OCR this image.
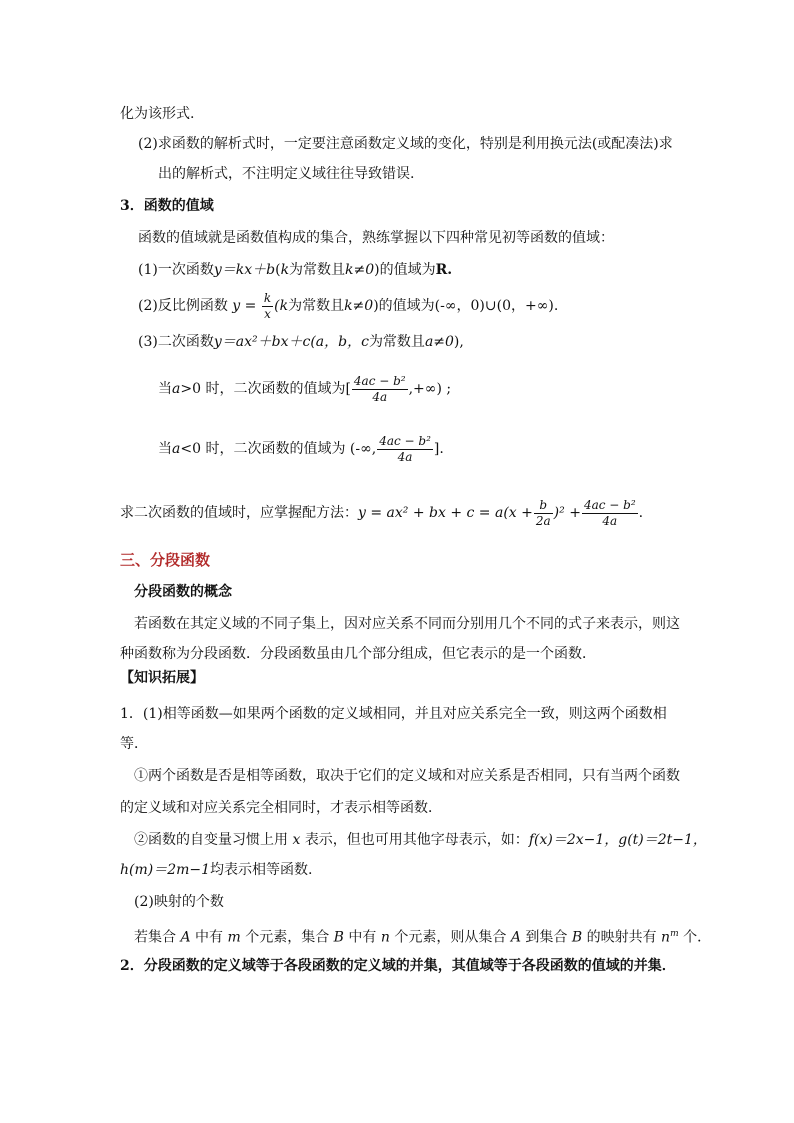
化为该形式.
(2)求函数的解析式时，一定要注意函数定义域的变化，特别是利用换元法(或配凑法)求
出的解析式，不注明定义域往往导致错误.
3．函数的值域
函数的值域就是函数值构成的集合，熟练掌握以下四种常见初等函数的值域：
(1)一次函数y＝kx＋b(k为常数且k≠0)的值域为R.
(2)反比例函数 $y = \frac{k}{x} (k$为常数且k≠0)的值域为(-∞，0)∪(0，+∞).
(3)二次函数y＝ax²＋bx＋c(a，b，c为常数且a≠0),
当a>0 时，二次函数的值域为[ $\frac{\text{4ac − b²}}{4a}$ ,+∞) ;
当a<0 时，二次函数的值域为 (-∞, $\frac{\text{4ac − b²}}{4a}$ ].
求二次函数的值域时，应掌握配方法：y = ax² + bx + $c = a(x + \frac{b}{2a} )^2 + \frac{\text{4ac − b²}}{4a}$ .
三、分段函数
分段函数的概念
若函数在其定义域的不同子集上，因对应关系不同而分别用几个不同的式子来表示，则这
种函数称为分段函数．分段函数虽由几个部分组成，但它表示的是一个函数．
【知识拓展】
1．(1)相等函数—如果两个函数的定义域相同，并且对应关系完全一致，则这两个函数相
等．
①两个函数是否是相等函数，取决于它们的定义域和对应关系是否相同，只有当两个函数
的定义域和对应关系完全相同时，才表示相等函数．
②函数的自变量习惯上用 x 表示，但也可用其他字母表示，如：f(x)＝2x−1，g(t)＝2t−1，
h(m)＝2m−1均表示相等函数.
(2)映射的个数
若集合 A 中有 m 个元素，集合 B 中有 n 个元素，则从集合 A 到集合 B 的映射共有 $n^m$ 个．
2．分段函数的定义域等于各段函数的定义域的并集，其值域等于各段函数的值域的并集．
